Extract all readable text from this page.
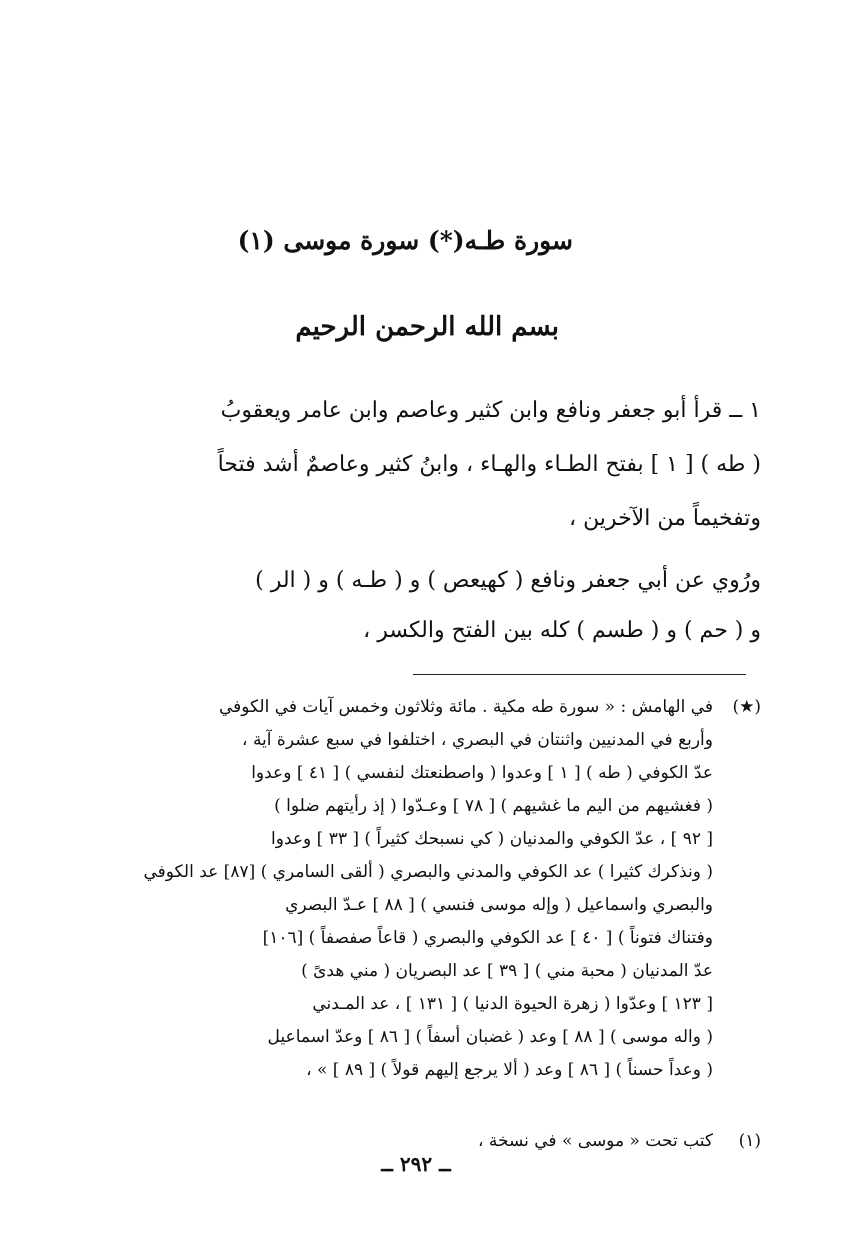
سورة طـه(*) سورة موسى (١)
بسم الله الرحمن الرحيم
١ ــ قرأ أبو جعفر ونافع وابن كثير وعاصم وابن عامر ويعقوبُ
( طه ) [ ١ ] بفتح الطـاء والهـاء ، وابنُ كثير وعاصمٌ أشد فتحاً
وتفخيماً من الآخرين ،
ورُوي عن أبي جعفر ونافع ( كهيعص ) و ( طـه ) و ( الر )
و ( حم ) و ( طسم ) كله بين الفتح والكسر ،
(★)
في الهامش : « سورة طه مكية . مائة وثلاثون وخمس آيات في الكوفي
وأربع في المدنيين واثنتان في البصري ، اختلفوا في سبع عشرة آية ،
عدّ الكوفي ( طه ) [ ١ ] وعدوا ( واصطنعتك لنفسي ) [ ٤١ ] وعدوا
( فغشيهم من اليم ما غشيهم ) [ ٧٨ ] وعـدّوا ( إذ رأيتهم ضلوا )
[ ٩٢ ] ، عدّ الكوفي والمدنيان ( كي نسبحك كثيراً ) [ ٣٣ ] وعدوا
( ونذكرك كثيرا ) عد الكوفي والمدني والبصري ( ألقى السامري ) [٨٧] عد الكوفي
والبصري واسماعيل ( وإله موسى فنسي ) [ ٨٨ ] عـدّ البصري
وفتناك فتوناً ) [ ٤٠ ] عد الكوفي والبصري ( قاعاً صفصفاً ) [١٠٦]
عدّ المدنيان ( محبة مني ) [ ٣٩ ] عد البصريان ( مني هدىً )
[ ١٢٣ ] وعدّوا ( زهرة الحيوة الدنيا ) [ ١٣١ ] ، عد المـدني
( واله موسى ) [ ٨٨ ] وعد ( غضبان أسفاً ) [ ٨٦ ] وعدّ اسماعيل
( وعداً حسناً ) [ ٨٦ ] وعد ( ألا يرجع إليهم قولاً ) [ ٨٩ ] » ،
(١)
كتب تحت « موسى » في نسخة ،
ــ ٢٩٢ ــ
